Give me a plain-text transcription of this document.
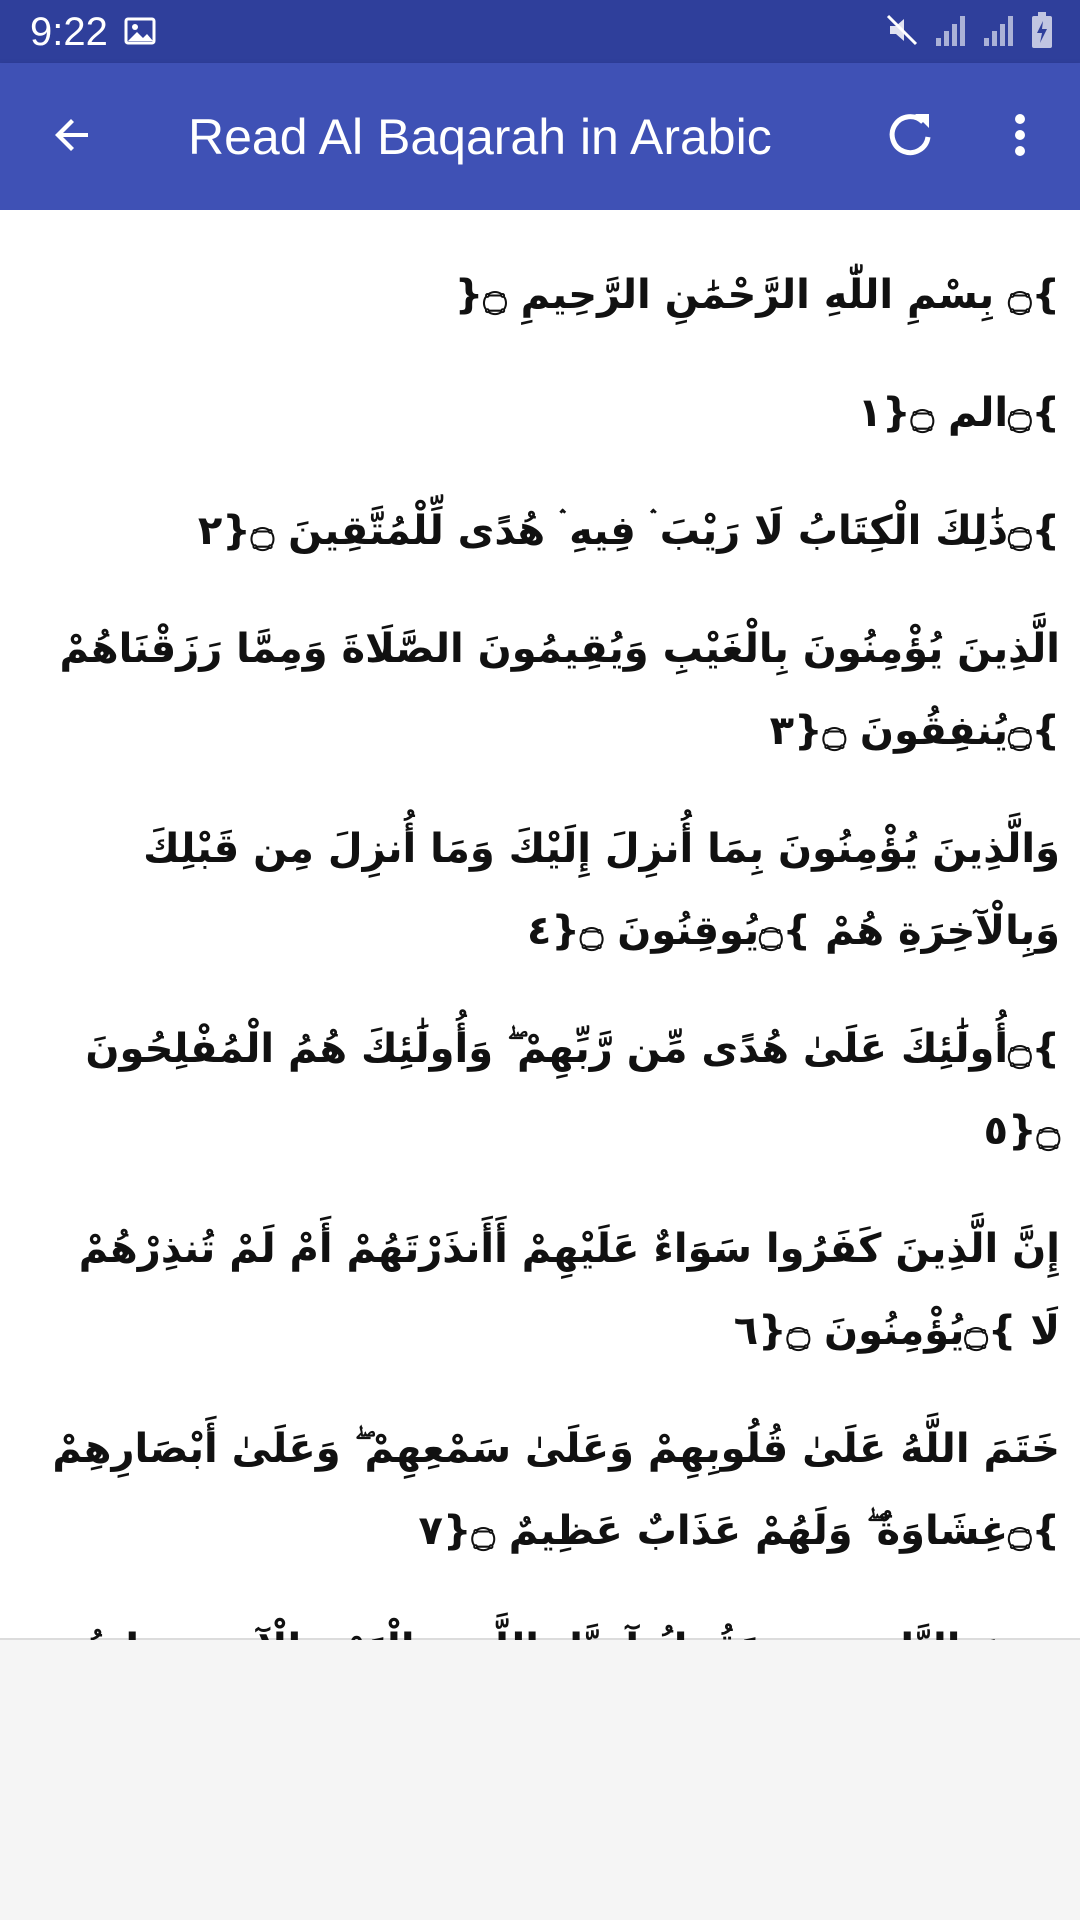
9:22
Read Al Baqarah in Arabic

}۝ بِسْمِ اللّٰهِ الرَّحْمَٰنِ الرَّحِيمِ ۝{

}۝الم ۝{١

}۝ذَٰلِكَ الْكِتَابُ لَا رَيْبَ ۛ فِيهِ ۛ هُدًى لِّلْمُتَّقِينَ ۝{٢

الَّذِينَ يُؤْمِنُونَ بِالْغَيْبِ وَيُقِيمُونَ الصَّلَاةَ وَمِمَّا رَزَقْنَاهُمْ }۝يُنفِقُونَ ۝{٣

وَالَّذِينَ يُؤْمِنُونَ بِمَا أُنزِلَ إِلَيْكَ وَمَا أُنزِلَ مِن قَبْلِكَ وَبِالْآخِرَةِ هُمْ }۝يُوقِنُونَ ۝{٤

}۝أُولَٰئِكَ عَلَىٰ هُدًى مِّن رَّبِّهِمْ ۖ وَأُولَٰئِكَ هُمُ الْمُفْلِحُونَ ۝{٥

إِنَّ الَّذِينَ كَفَرُوا سَوَاءٌ عَلَيْهِمْ أَأَنذَرْتَهُمْ أَمْ لَمْ تُنذِرْهُمْ لَا }۝يُؤْمِنُونَ ۝{٦

خَتَمَ اللَّهُ عَلَىٰ قُلُوبِهِمْ وَعَلَىٰ سَمْعِهِمْ ۖ وَعَلَىٰ أَبْصَارِهِمْ }۝غِشَاوَةٌ ۖ وَلَهُمْ عَذَابٌ عَظِيمٌ ۝{٧
